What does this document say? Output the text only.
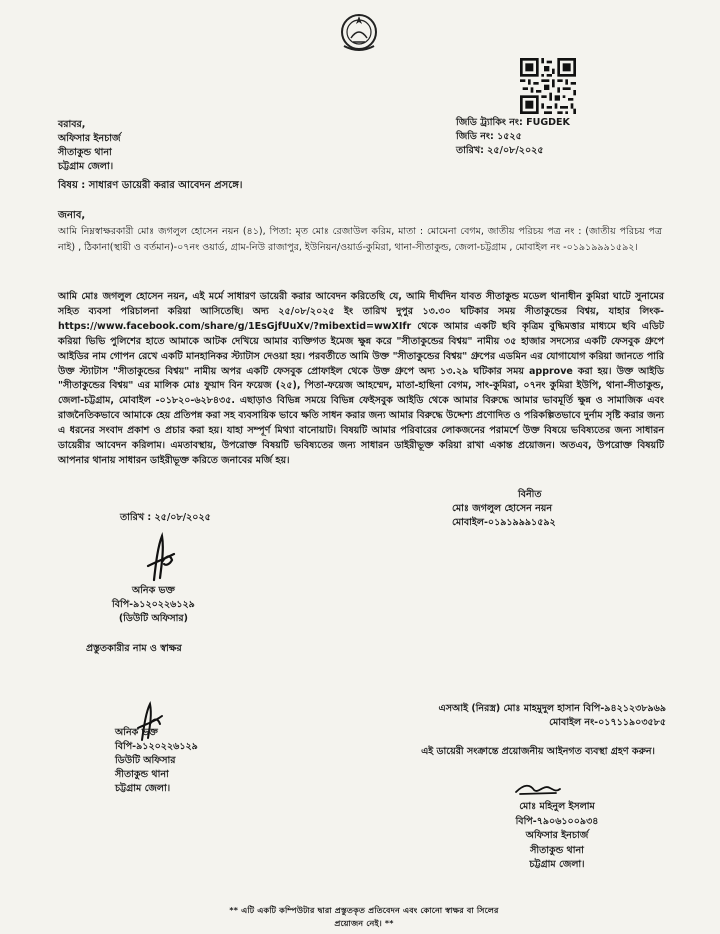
বরাবর,
অফিসার ইনচার্জ
সীতাকুন্ড থানা
চট্টগ্রাম জেলা।
জিডি ট্র্যাকিং নং: FUGDEK
জিডি নং: ১৫২৫
তারিখ: ২৫/০৮/২০২৫
বিষয় : সাধারণ ডায়েরী করার আবেদন প্রসঙ্গে।
জনাব,
আমি নিম্নস্বাক্ষরকারী মোঃ জগলুল হোসেন নয়ন (৪১), পিতা: মৃত মোঃ রেজাউল করিম, মাতা : মোমেনা বেগম, জাতীয় পরিচয় পত্র নং : (জাতীয় পরিচয় পত্র নাই) , ঠিকানা(স্থায়ী ও বর্তমান)-০৭নং ওয়ার্ড, গ্রাম-নিউ রাজাপুর, ইউনিয়ন/ওয়ার্ড-কুমিরা, থানা-সীতাকুন্ড, জেলা-চট্টগ্রাম , মোবাইল নং -০১৯১৯৯৯১৫৯২।
আমি মোঃ জগলুল হোসেন নয়ন, এই মর্মে সাধারণ ডায়েরী করার আবেদন করিতেছি যে, আমি দীর্ঘদিন যাবত সীতাকুন্ড মডেল থানাধীন কুমিরা ঘাটে সুনামের সহিত ব্যবসা পরিচালনা করিয়া আসিতেছি। অদ্য ২৫/০৮/২০২৫ ইং তারিখ দুপুর ১৩.৩০ ঘটিকার সময় সীতাকুন্ডের বিশ্বয়, যাহার লিংক- https://www.facebook.com/share/g/1EsGjfUuXv/?mibextid=wwXIfr থেকে আমার একটি ছবি কৃত্রিম বুদ্ধিমত্তার মাধ্যমে ছবি এডিট করিয়া ভিভি পুলিশের হাতে আমাকে আটক দেখিয়ে আমার ব্যক্তিগত ইমেজ ক্ষুন্ন করে "সীতাকুন্ডের বিশ্বয়" নামীয় ৩৫ হাজার সদস্যের একটি ফেসবুক গ্রুপে আইডির নাম গোপন রেখে একটি মানহানিকর স্ট্যাটাস দেওয়া হয়। পরবর্তীতে আমি উক্ত "সীতাকুন্ডের বিশ্বয়" গ্রুপের এডমিন এর যোগাযোগ করিয়া জানতে পারি উক্ত স্ট্যাটাস "সীতাকুন্ডের বিশ্বয়" নামীয় অপর একটি ফেসবুক প্রোফাইল থেকে উক্ত গ্রুপে অদ্য ১৩.২৯ ঘটিকার সময় approve করা হয়। উক্ত আইডি "সীতাকুন্ডের বিশ্বয়" এর মালিক মোঃ ফুয়াদ বিন ফয়েজ (২৫), পিতা-ফয়েজ আহম্মেদ, মাতা-হাছিনা বেগম, সাং-কুমিরা, ০৭নং কুমিরা ইউপি, থানা-সীতাকুন্ড, জেলা-চট্টগ্রাম, মোবাইল -০১৮২০-৬২৮৪৩৫. এছাড়াও বিভিন্ন সময়ে বিভিন্ন ফেইসবুক আইডি থেকে আমার বিরুদ্ধে আমার ভাবমূর্তি ক্ষুন্ন ও সামাজিক এবং রাজনৈতিকভাবে আমাকে হেয় প্রতিপন্ন করা সহ ব্যবসায়িক ভাবে ক্ষতি সাধন করার জন্য আমার বিরুদ্ধে উদ্দেশ্য প্রণোদিত ও পরিকল্পিতভাবে দুর্নাম সৃষ্টি করার জন্য এ ধরনের সংবাদ প্রকাশ ও প্রচার করা হয়। যাহা সম্পূর্ণ মিথ্যা বানোয়াট। বিষয়টি আমার পরিবারের লোকজনের পরামর্শে উক্ত বিষয়ে ভবিষ্যতের জন্য সাধারন ডায়েরীর আবেদন করিলাম। এমতাবস্থায়, উপরোক্ত বিষয়টি ভবিষ্যতের জন্য সাধারন ডাইরীভূক্ত করিয়া রাখা একান্ত প্রয়োজন। অতএব, উপরোক্ত বিষয়টি আপনার থানায় সাধারন ডাইরীভূক্ত করিতে জনাবের মর্জি হয়।
বিনীত
মোঃ জগলুল হোসেন নয়ন
মোবাইল-০১৯১৯৯৯১৫৯২
তারিখ : ২৫/০৮/২০২৫
অনিক ভক্ত
বিপি-৯১২০২২৬১২৯
(ডিউটি অফিসার)
প্রস্তুতকারীর নাম ও স্বাক্ষর
অনিক ভক্ত
বিপি-৯১২০২২৬১২৯
ডিউটি অফিসার
সীতাকুন্ড থানা
চট্টগ্রাম জেলা।
এসআই (নিরস্ত্র) মোঃ মাহমুদুল হাসান বিপি-৯৪২১২৩৮৯৬৯
মোবাইল নং-০১৭১১৯০৩৫৮৫
এই ডায়েরী সংক্রান্তে প্রয়োজনীয় আইনগত ব্যবস্থা গ্রহণ করুন।
মোঃ মহিনুল ইসলাম
বিপি-৭৯০৬১০০৯৩৪
অফিসার ইনচার্জ
সীতাকুন্ড থানা
চট্টগ্রাম জেলা।
** এটি একটি কম্পিউটার দ্বারা প্রস্তুতকৃত প্রতিবেদন এবং কোনো স্বাক্ষর বা সিলের প্রয়োজন নেই। **
